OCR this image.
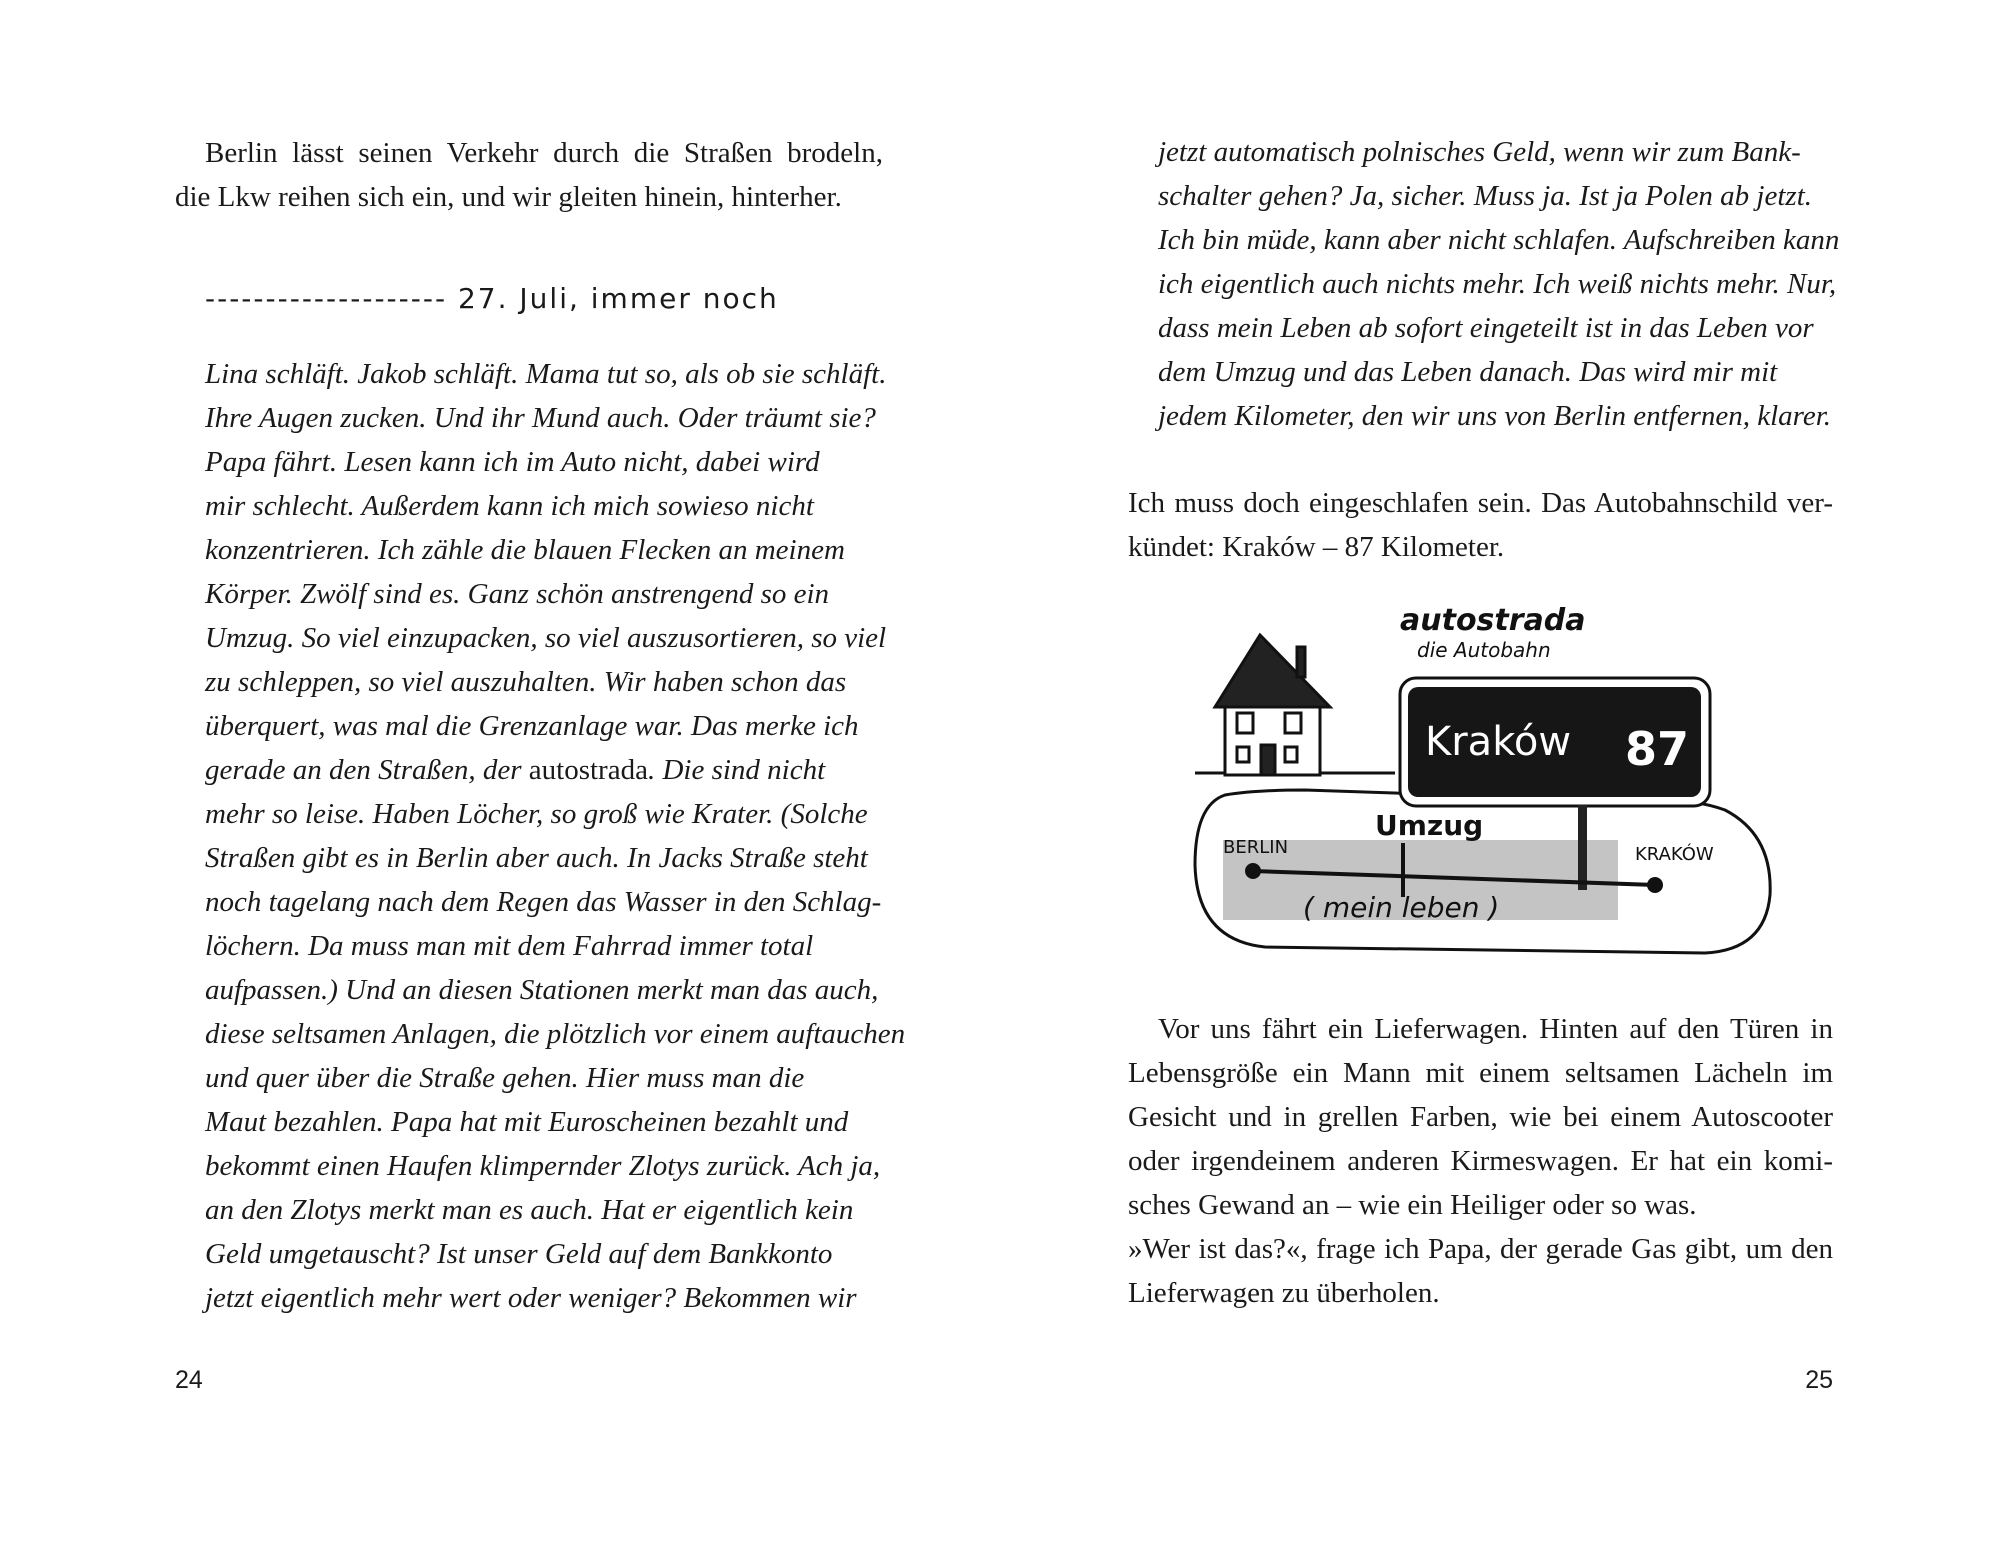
Berlin lässt seinen Verkehr durch die Straßen brodeln,
die Lkw reihen sich ein, und wir gleiten hinein, hinterher.
-------------------- 27. Juli, immer noch
Lina schläft. Jakob schläft. Mama tut so, als ob sie schläft.
Ihre Augen zucken. Und ihr Mund auch. Oder träumt sie?
Papa fährt. Lesen kann ich im Auto nicht, dabei wird
mir schlecht. Außerdem kann ich mich sowieso nicht
konzentrieren. Ich zähle die blauen Flecken an meinem
Körper. Zwölf sind es. Ganz schön anstrengend so ein
Umzug. So viel einzupacken, so viel auszusortieren, so viel
zu schleppen, so viel auszuhalten. Wir haben schon das
überquert, was mal die Grenzanlage war. Das merke ich
gerade an den Straßen, der autostrada. Die sind nicht
mehr so leise. Haben Löcher, so groß wie Krater. (Solche
Straßen gibt es in Berlin aber auch. In Jacks Straße steht
noch tagelang nach dem Regen das Wasser in den Schlag-
löchern. Da muss man mit dem Fahrrad immer total
aufpassen.) Und an diesen Stationen merkt man das auch,
diese seltsamen Anlagen, die plötzlich vor einem auftauchen
und quer über die Straße gehen. Hier muss man die
Maut bezahlen. Papa hat mit Euroscheinen bezahlt und
bekommt einen Haufen klimpernder Zlotys zurück. Ach ja,
an den Zlotys merkt man es auch. Hat er eigentlich kein
Geld umgetauscht? Ist unser Geld auf dem Bankkonto
jetzt eigentlich mehr wert oder weniger? Bekommen wir
24
jetzt automatisch polnisches Geld, wenn wir zum Bank-
schalter gehen? Ja, sicher. Muss ja. Ist ja Polen ab jetzt.
Ich bin müde, kann aber nicht schlafen. Aufschreiben kann
ich eigentlich auch nichts mehr. Ich weiß nichts mehr. Nur,
dass mein Leben ab sofort eingeteilt ist in das Leben vor
dem Umzug und das Leben danach. Das wird mir mit
jedem Kilometer, den wir uns von Berlin entfernen, klarer.
Ich muss doch eingeschlafen sein. Das Autobahnschild ver-
kündet: Kraków – 87 Kilometer.
autostrada
die Autobahn
Kraków 87
BERLIN	KRAKÓW
Umzug
( mein leben )
Vor uns fährt ein Lieferwagen. Hinten auf den Türen in
Lebensgröße ein Mann mit einem seltsamen Lächeln im
Gesicht und in grellen Farben, wie bei einem Autoscooter
oder irgendeinem anderen Kirmeswagen. Er hat ein komi-
sches Gewand an – wie ein Heiliger oder so was.
»Wer ist das?«, frage ich Papa, der gerade Gas gibt, um den
Lieferwagen zu überholen.
25
